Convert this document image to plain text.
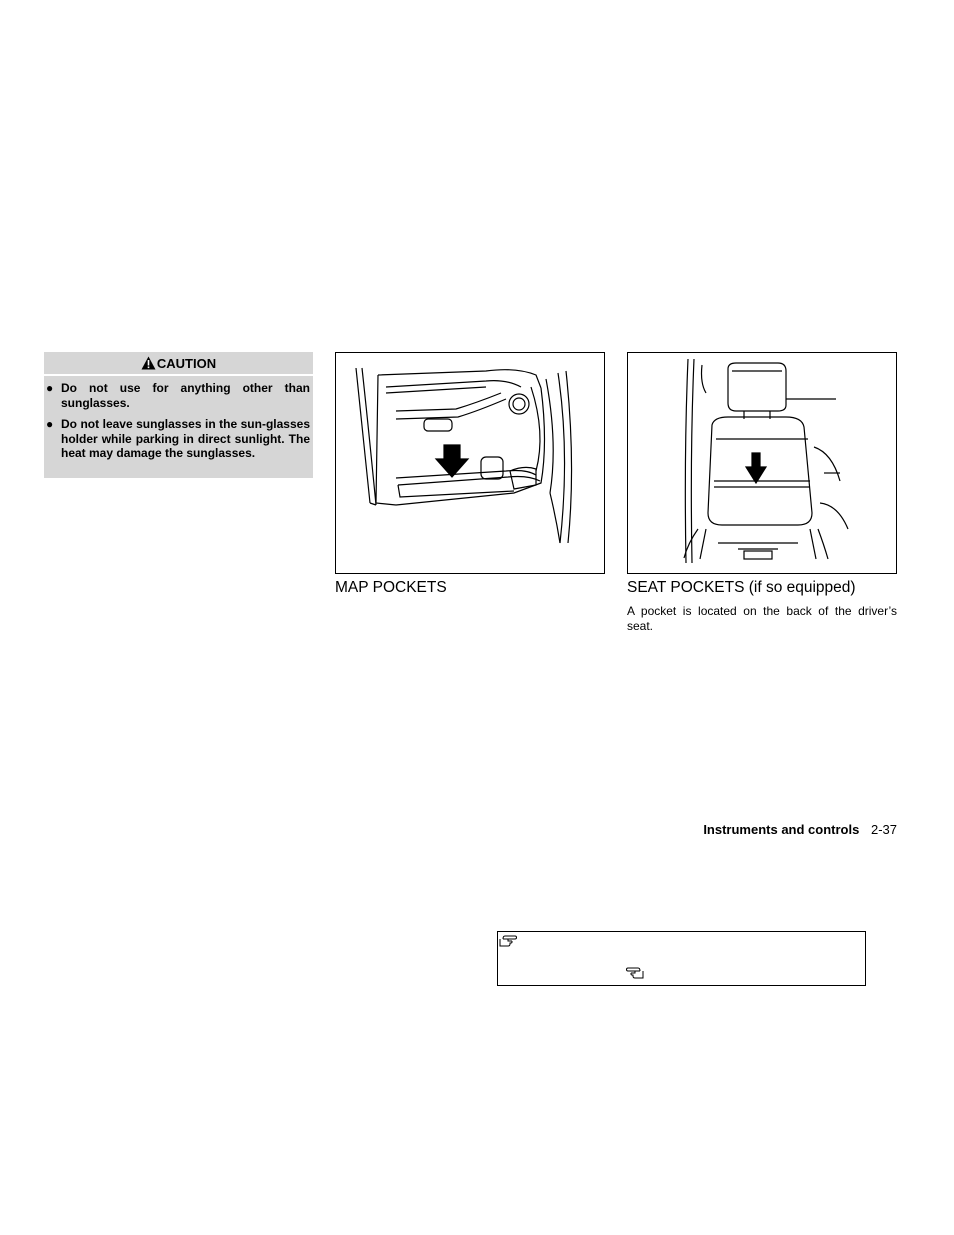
CAUTION
● Do not use for anything other than sunglasses.
● Do not leave sunglasses in the sun-glasses holder while parking in direct sunlight. The heat may damage the sunglasses.
MAP POCKETS	SEAT POCKETS (if so equipped)

A pocket is located on the back of the driver’s seat.

Instruments and controls 2-37
